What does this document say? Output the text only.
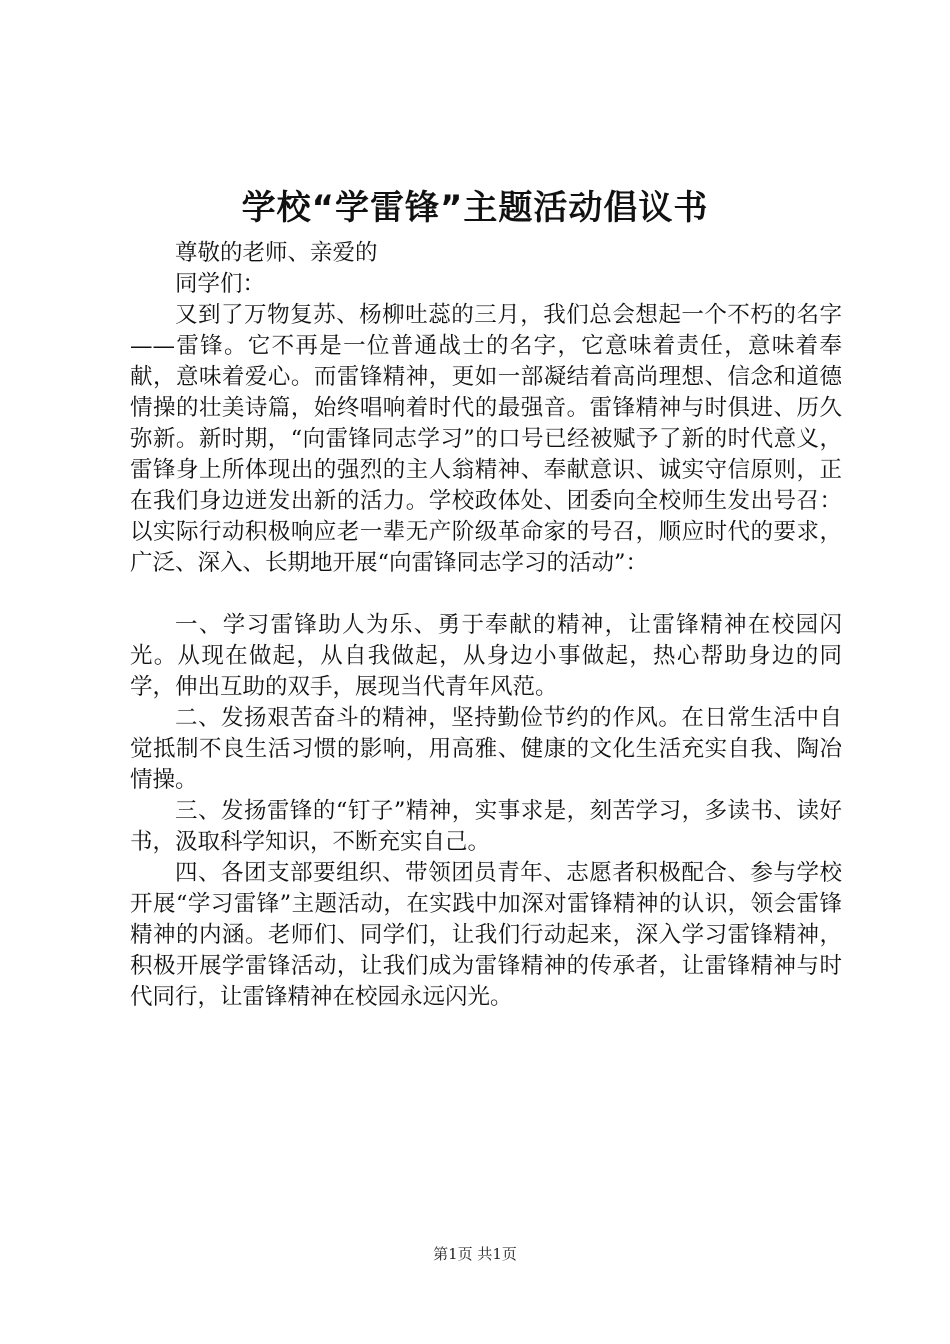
学校“学雷锋”主题活动倡议书

尊敬的老师、亲爱的

同学们：

又到了万物复苏、杨柳吐蕊的三月，我们总会想起一个不朽的名字——雷锋。它不再是一位普通战士的名字，它意味着责任，意味着奉献，意味着爱心。而雷锋精神，更如一部凝结着高尚理想、信念和道德情操的壮美诗篇，始终唱响着时代的最强音。雷锋精神与时俱进、历久弥新。新时期，“向雷锋同志学习”的口号已经被赋予了新的时代意义，雷锋身上所体现出的强烈的主人翁精神、奉献意识、诚实守信原则，正在我们身边迸发出新的活力。学校政体处、团委向全校师生发出号召：以实际行动积极响应老一辈无产阶级革命家的号召，顺应时代的要求，广泛、深入、长期地开展“向雷锋同志学习的活动”：

一、学习雷锋助人为乐、勇于奉献的精神，让雷锋精神在校园闪光。从现在做起，从自我做起，从身边小事做起，热心帮助身边的同学，伸出互助的双手，展现当代青年风范。

二、发扬艰苦奋斗的精神，坚持勤俭节约的作风。在日常生活中自觉抵制不良生活习惯的影响，用高雅、健康的文化生活充实自我、陶冶情操。

三、发扬雷锋的“钉子”精神，实事求是，刻苦学习，多读书、读好书，汲取科学知识，不断充实自己。

四、各团支部要组织、带领团员青年、志愿者积极配合、参与学校开展“学习雷锋”主题活动，在实践中加深对雷锋精神的认识，领会雷锋精神的内涵。老师们、同学们，让我们行动起来，深入学习雷锋精神，积极开展学雷锋活动，让我们成为雷锋精神的传承者，让雷锋精神与时代同行，让雷锋精神在校园永远闪光。

第1页 共1页
